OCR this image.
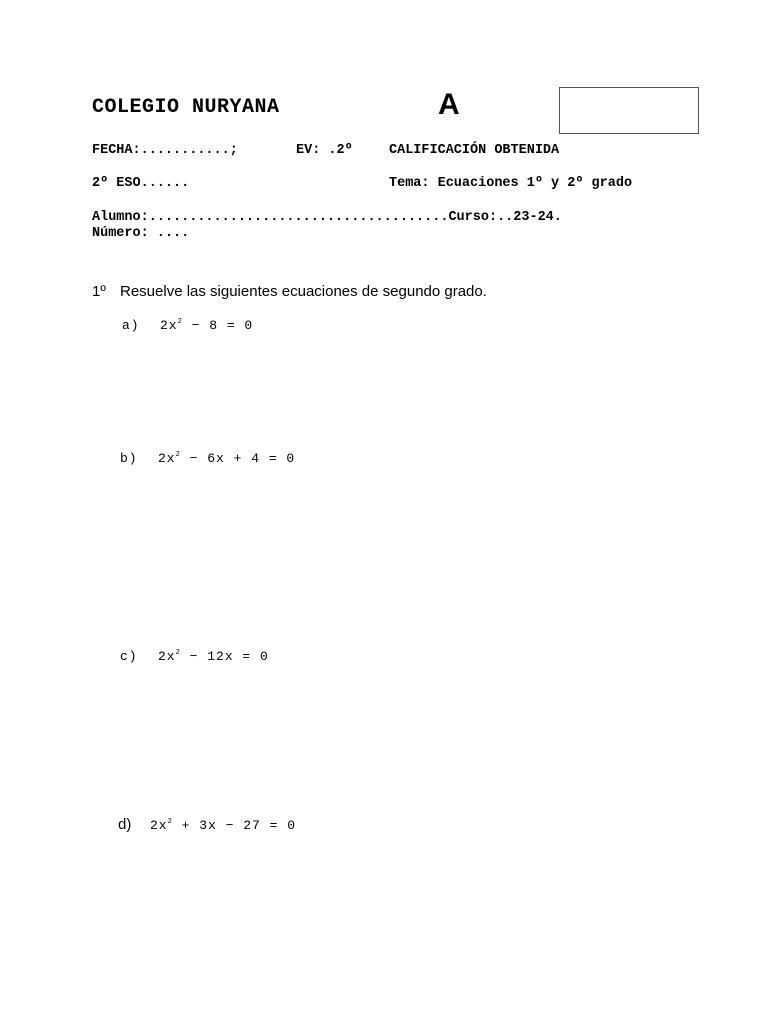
COLEGIO NURYANA	A
FECHA:...........;	EV: .2º	CALIFICACIÓN OBTENIDA
2º ESO......	Tema: Ecuaciones 1º y 2º grado
Alumno:.....................................Curso:..23-24.
Número: ....
1º Resuelve las siguientes ecuaciones de segundo grado.
a) $2x^2 - 8 = 0$
b) $2x^2 - 6x + 4 = 0$
c) $2x^2 - 12x = 0$
d) $2x^2 + 3x - 27 = 0$
